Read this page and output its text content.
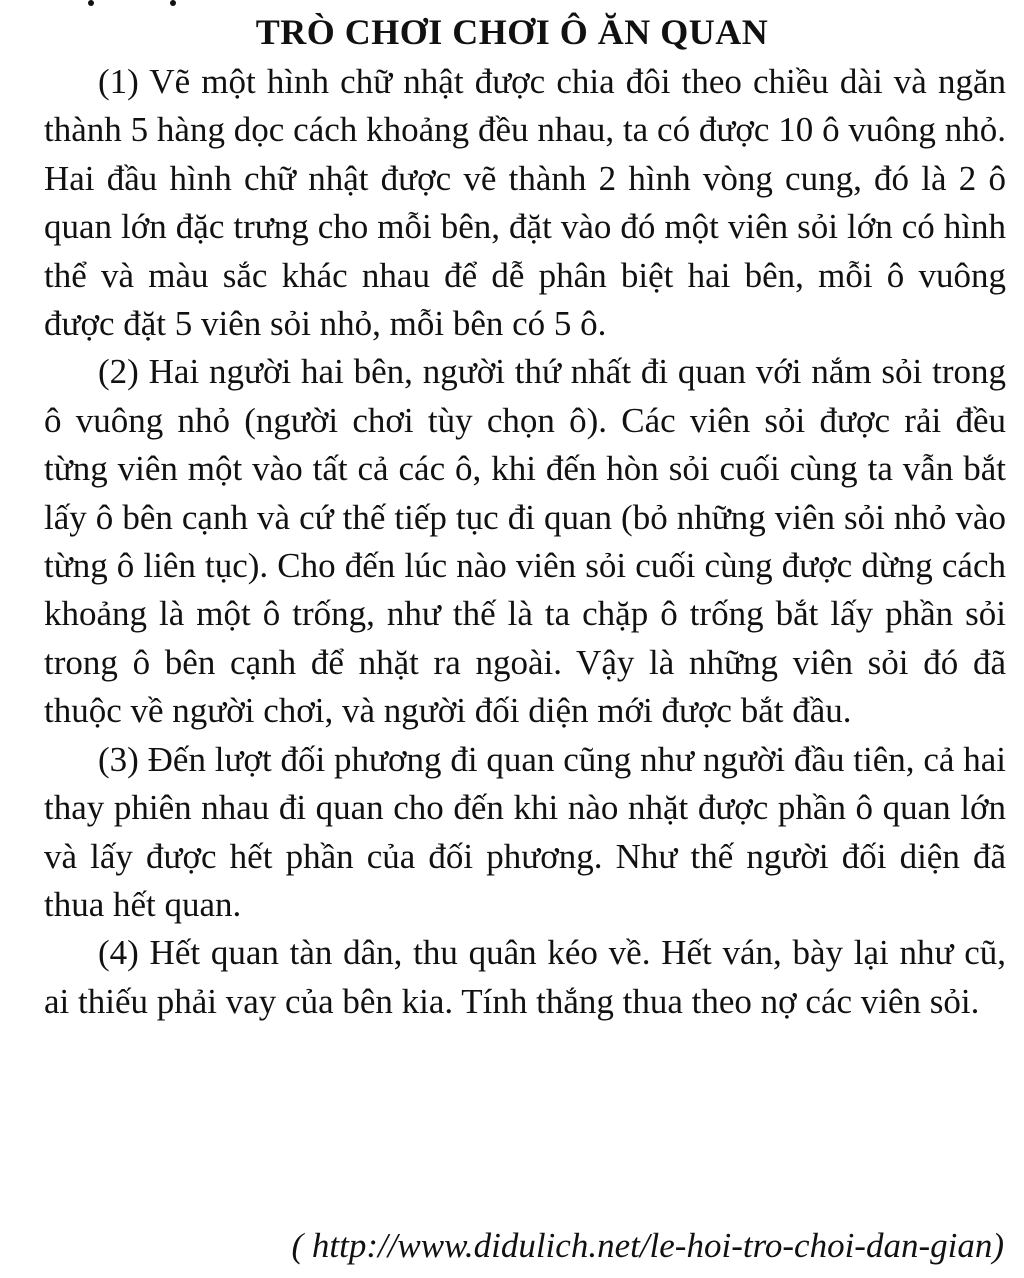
TRÒ CHƠI CHƠI Ô ĂN QUAN

(1) Vẽ một hình chữ nhật được chia đôi theo chiều dài và ngăn thành 5 hàng dọc cách khoảng đều nhau, ta có được 10 ô vuông nhỏ. Hai đầu hình chữ nhật được vẽ thành 2 hình vòng cung, đó là 2 ô quan lớn đặc trưng cho mỗi bên, đặt vào đó một viên sỏi lớn có hình thể và màu sắc khác nhau để dễ phân biệt hai bên, mỗi ô vuông được đặt 5 viên sỏi nhỏ, mỗi bên có 5 ô.

(2) Hai người hai bên, người thứ nhất đi quan với nắm sỏi trong ô vuông nhỏ (người chơi tùy chọn ô). Các viên sỏi được rải đều từng viên một vào tất cả các ô, khi đến hòn sỏi cuối cùng ta vẫn bắt lấy ô bên cạnh và cứ thế tiếp tục đi quan (bỏ những viên sỏi nhỏ vào từng ô liên tục). Cho đến lúc nào viên sỏi cuối cùng được dừng cách khoảng là một ô trống, như thế là ta chặp ô trống bắt lấy phần sỏi trong ô bên cạnh để nhặt ra ngoài. Vậy là những viên sỏi đó đã thuộc về người chơi, và người đối diện mới được bắt đầu.

(3) Đến lượt đối phương đi quan cũng như người đầu tiên, cả hai thay phiên nhau đi quan cho đến khi nào nhặt được phần ô quan lớn và lấy được hết phần của đối phương. Như thế người đối diện đã thua hết quan.

(4) Hết quan tàn dân, thu quân kéo về. Hết ván, bày lại như cũ, ai thiếu phải vay của bên kia. Tính thắng thua theo nợ các viên sỏi.

( http://www.didulich.net/le-hoi-tro-choi-dan-gian)
